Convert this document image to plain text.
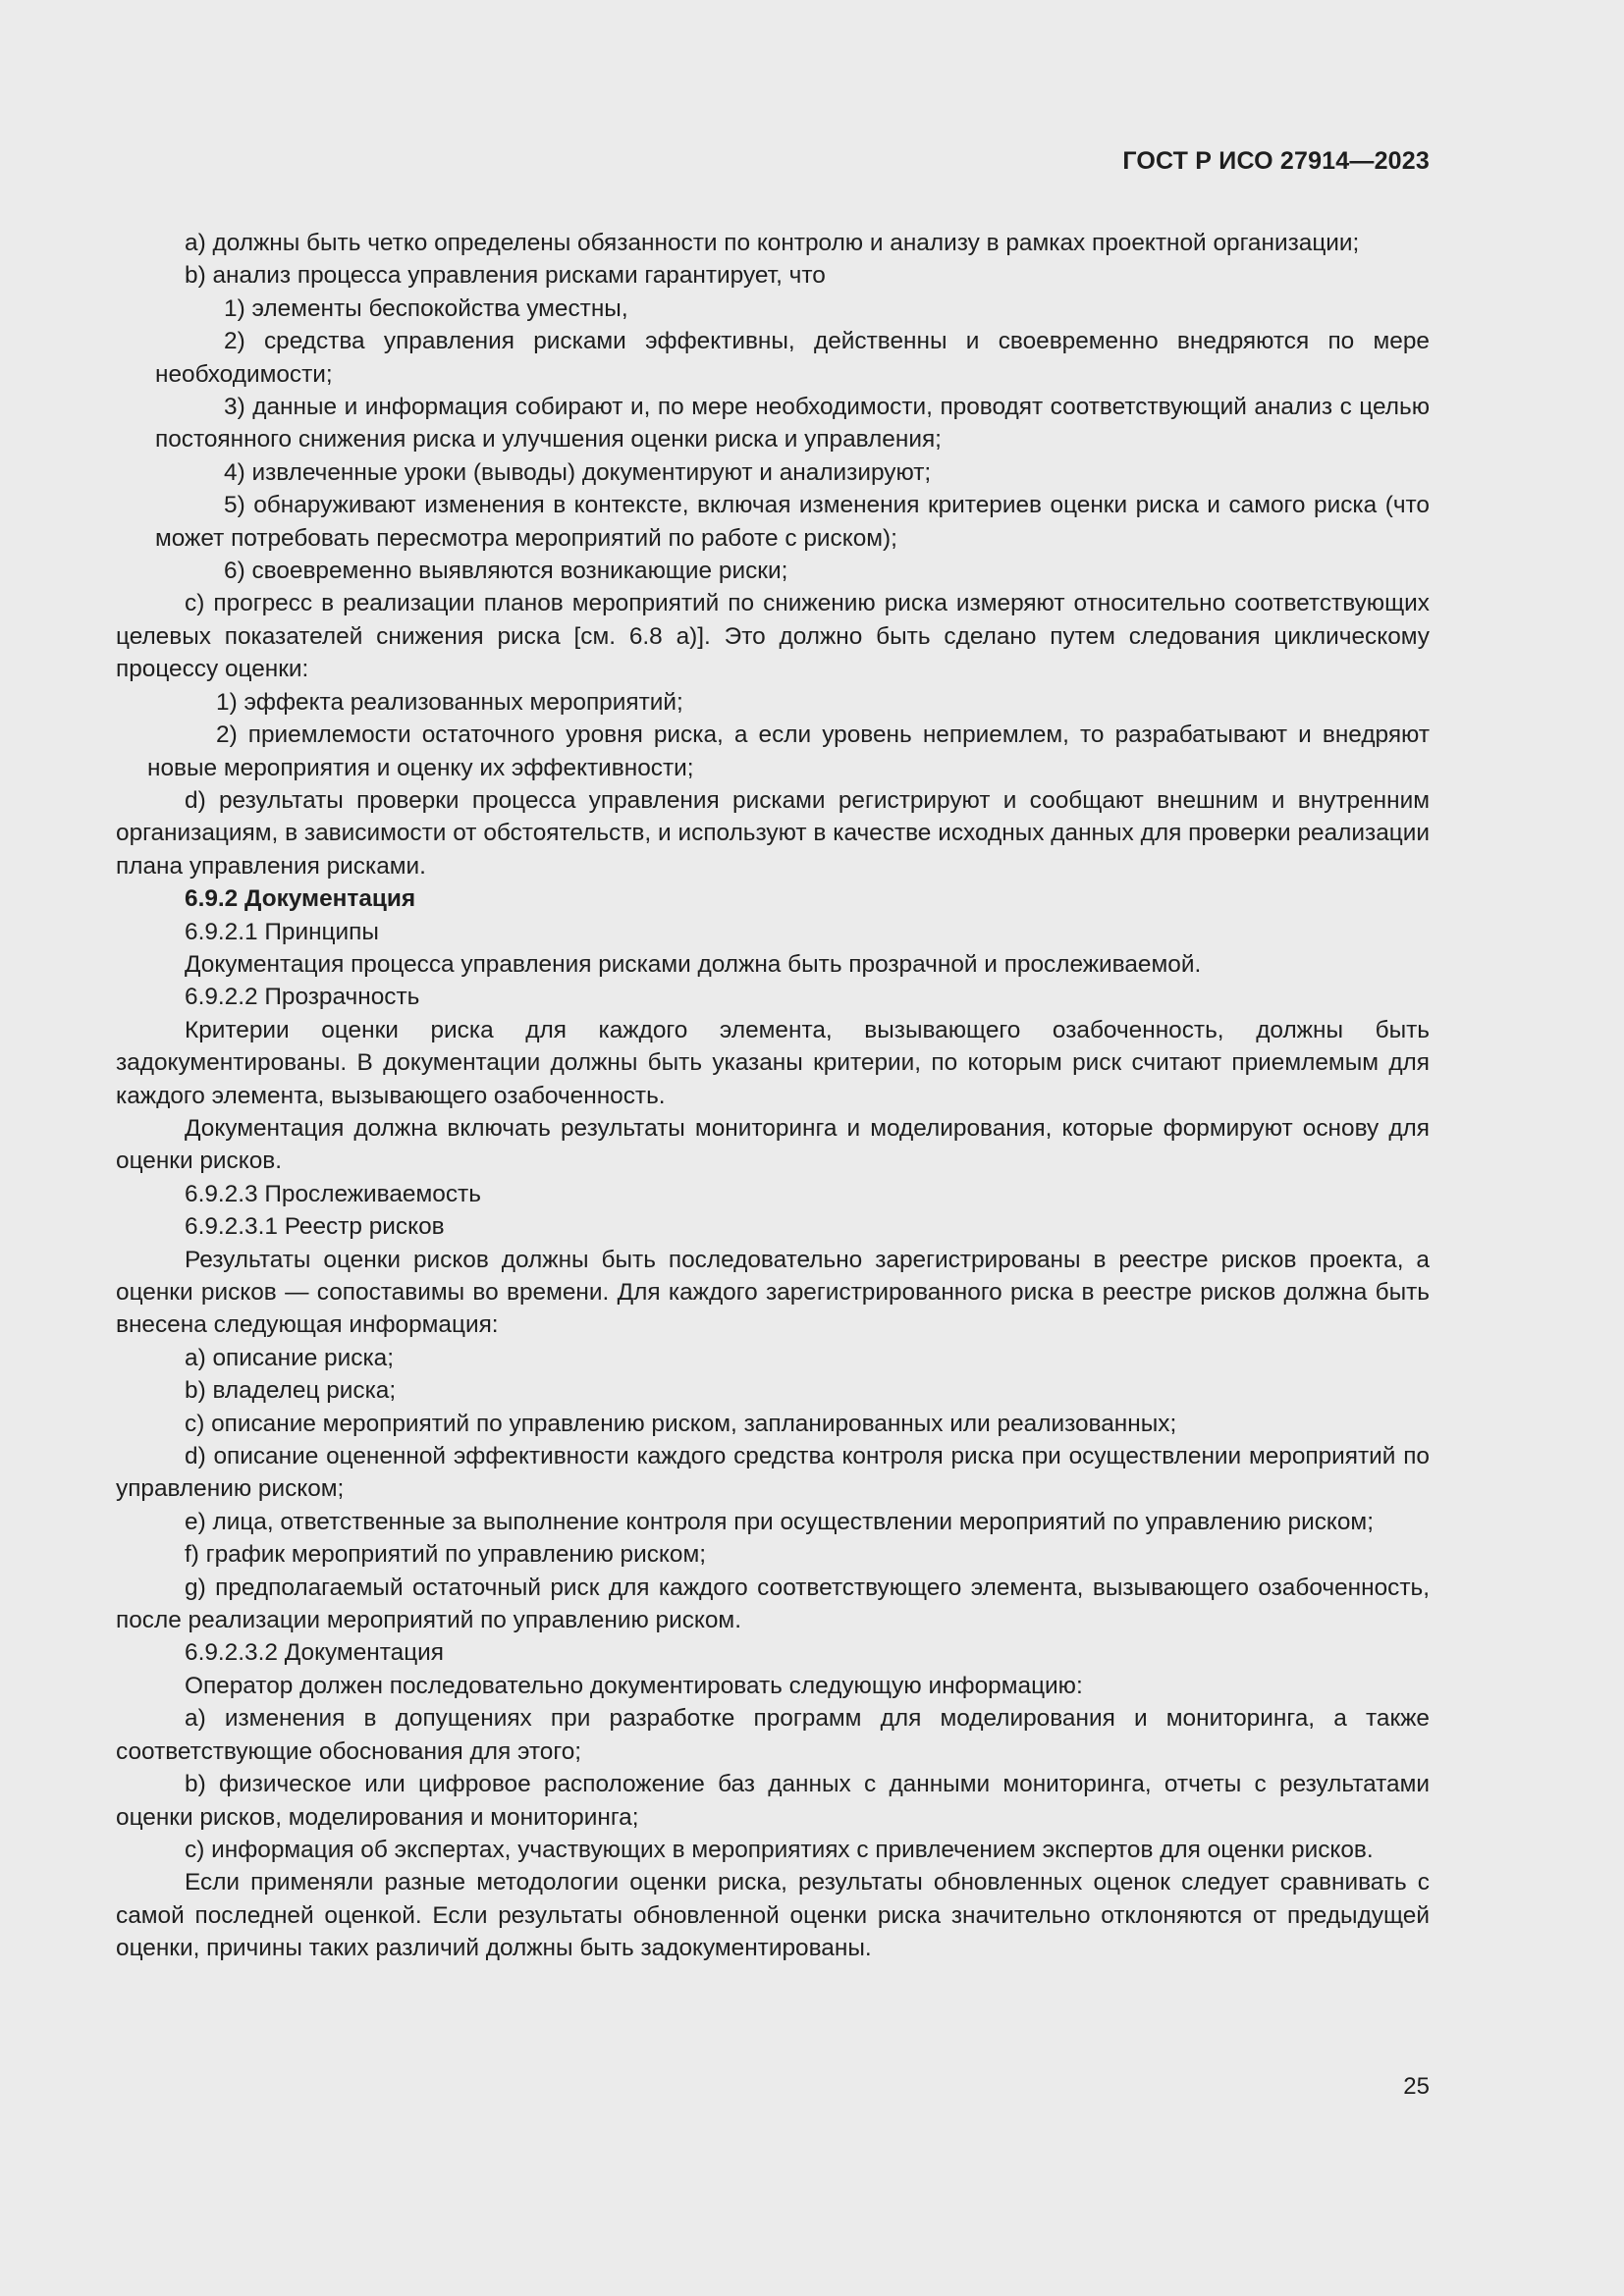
ГОСТ Р ИСО 27914—2023

a) должны быть четко определены обязанности по контролю и анализу в рамках проектной организации;

b) анализ процесса управления рисками гарантирует, что

1) элементы беспокойства уместны,

2) средства управления рисками эффективны, действенны и своевременно внедряются по мере необходимости;

3) данные и информация собирают и, по мере необходимости, проводят соответствующий анализ с целью постоянного снижения риска и улучшения оценки риска и управления;

4) извлеченные уроки (выводы) документируют и анализируют;

5) обнаруживают изменения в контексте, включая изменения критериев оценки риска и самого риска (что может потребовать пересмотра мероприятий по работе с риском);

6) своевременно выявляются возникающие риски;

c) прогресс в реализации планов мероприятий по снижению риска измеряют относительно соответствующих целевых показателей снижения риска [см. 6.8 а)]. Это должно быть сделано путем следования циклическому процессу оценки:

1) эффекта реализованных мероприятий;

2) приемлемости остаточного уровня риска, а если уровень неприемлем, то разрабатывают и внедряют новые мероприятия и оценку их эффективности;

d) результаты проверки процесса управления рисками регистрируют и сообщают внешним и внутренним организациям, в зависимости от обстоятельств, и используют в качестве исходных данных для проверки реализации плана управления рисками.

6.9.2 Документация

6.9.2.1 Принципы

Документация процесса управления рисками должна быть прозрачной и прослеживаемой.

6.9.2.2 Прозрачность

Критерии оценки риска для каждого элемента, вызывающего озабоченность, должны быть задокументированы. В документации должны быть указаны критерии, по которым риск считают приемлемым для каждого элемента, вызывающего озабоченность.

Документация должна включать результаты мониторинга и моделирования, которые формируют основу для оценки рисков.

6.9.2.3 Прослеживаемость

6.9.2.3.1 Реестр рисков

Результаты оценки рисков должны быть последовательно зарегистрированы в реестре рисков проекта, а оценки рисков — сопоставимы во времени. Для каждого зарегистрированного риска в реестре рисков должна быть внесена следующая информация:

a) описание риска;

b) владелец риска;

c) описание мероприятий по управлению риском, запланированных или реализованных;

d) описание оцененной эффективности каждого средства контроля риска при осуществлении мероприятий по управлению риском;

e) лица, ответственные за выполнение контроля при осуществлении мероприятий по управлению риском;

f) график мероприятий по управлению риском;

g) предполагаемый остаточный риск для каждого соответствующего элемента, вызывающего озабоченность, после реализации мероприятий по управлению риском.

6.9.2.3.2 Документация

Оператор должен последовательно документировать следующую информацию:

a) изменения в допущениях при разработке программ для моделирования и мониторинга, а также соответствующие обоснования для этого;

b) физическое или цифровое расположение баз данных с данными мониторинга, отчеты с результатами оценки рисков, моделирования и мониторинга;

c) информация об экспертах, участвующих в мероприятиях с привлечением экспертов для оценки рисков.

Если применяли разные методологии оценки риска, результаты обновленных оценок следует сравнивать с самой последней оценкой. Если результаты обновленной оценки риска значительно отклоняются от предыдущей оценки, причины таких различий должны быть задокументированы.

25
